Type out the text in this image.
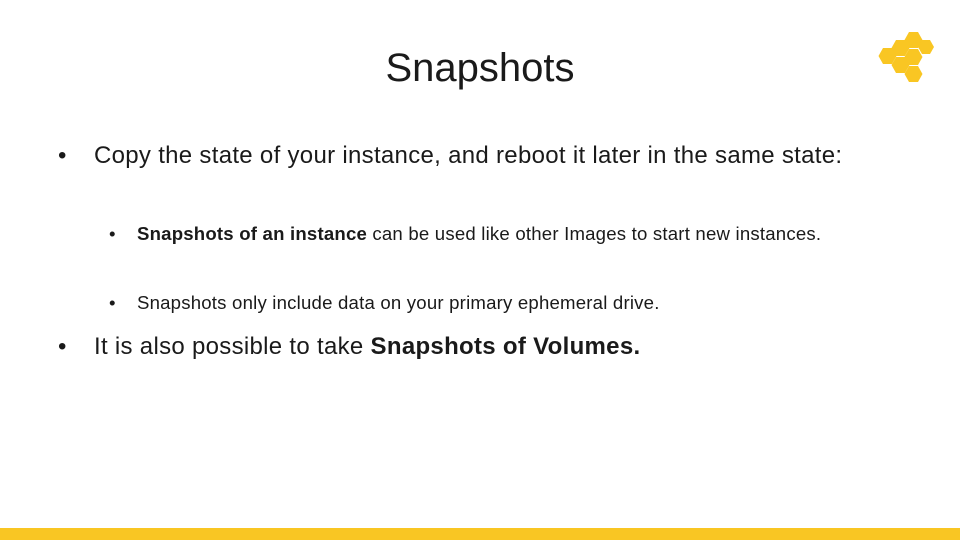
Snapshots
• Copy the state of your instance, and reboot it later in the same state:
• Snapshots of an instance can be used like other Images to start new instances.
• Snapshots only include data on your primary ephemeral drive.
• It is also possible to take Snapshots of Volumes.
